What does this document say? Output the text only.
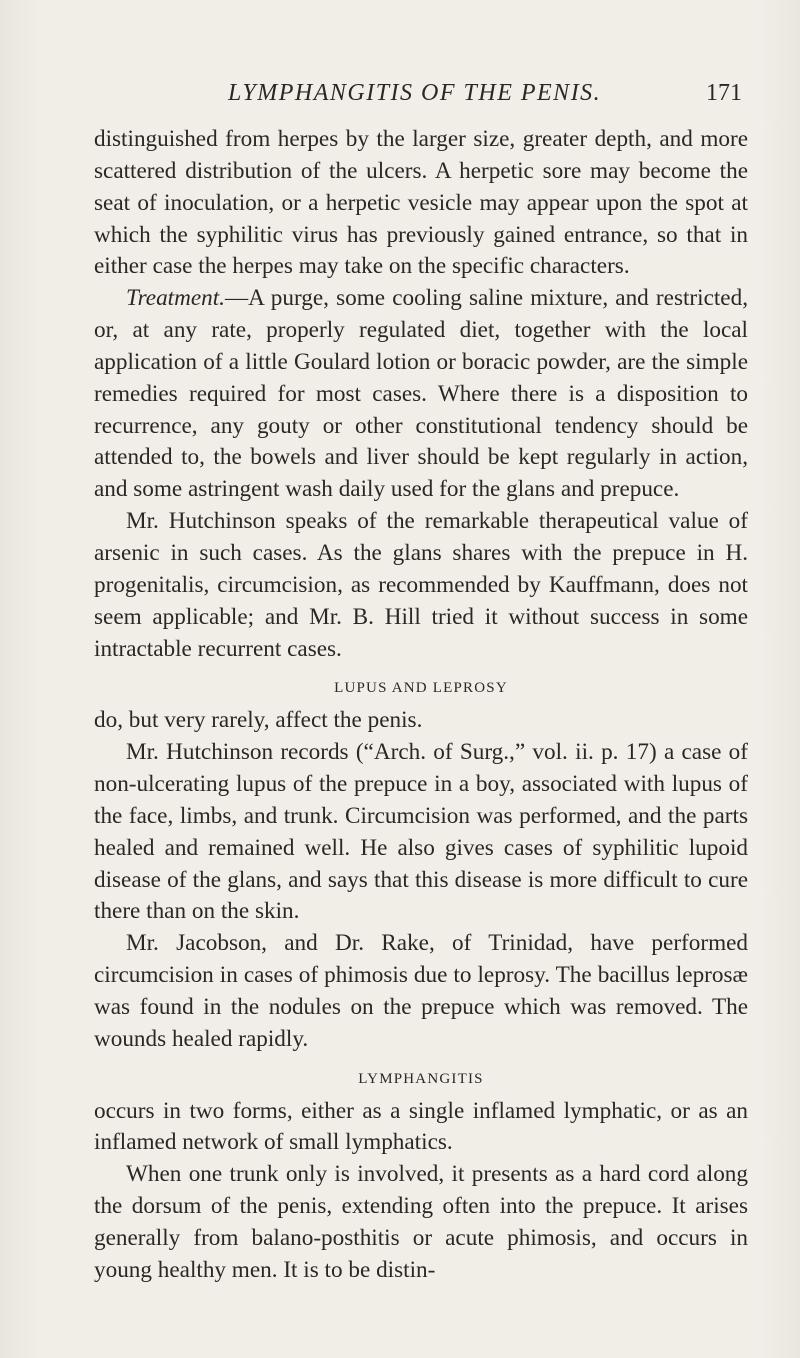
LYMPHANGITIS OF THE PENIS.	171

distinguished from herpes by the larger size, greater depth, and more scattered distribution of the ulcers. A herpetic sore may become the seat of inoculation, or a herpetic vesicle may appear upon the spot at which the syphilitic virus has previously gained entrance, so that in either case the herpes may take on the specific characters.

Treatment.—A purge, some cooling saline mixture, and restricted, or, at any rate, properly regulated diet, together with the local application of a little Goulard lotion or boracic powder, are the simple remedies required for most cases. Where there is a disposition to recurrence, any gouty or other constitutional tendency should be attended to, the bowels and liver should be kept regularly in action, and some astringent wash daily used for the glans and prepuce.

Mr. Hutchinson speaks of the remarkable therapeutical value of arsenic in such cases. As the glans shares with the prepuce in H. progenitalis, circumcision, as recommended by Kauffmann, does not seem applicable; and Mr. B. Hill tried it without success in some intractable recurrent cases.

LUPUS AND LEPROSY

do, but very rarely, affect the penis.

Mr. Hutchinson records (“Arch. of Surg.,” vol. ii. p. 17) a case of non-ulcerating lupus of the prepuce in a boy, associated with lupus of the face, limbs, and trunk. Circumcision was performed, and the parts healed and remained well. He also gives cases of syphilitic lupoid disease of the glans, and says that this disease is more difficult to cure there than on the skin.

Mr. Jacobson, and Dr. Rake, of Trinidad, have performed circumcision in cases of phimosis due to leprosy. The bacillus leprosæ was found in the nodules on the prepuce which was removed. The wounds healed rapidly.

LYMPHANGITIS

occurs in two forms, either as a single inflamed lymphatic, or as an inflamed network of small lymphatics.

When one trunk only is involved, it presents as a hard cord along the dorsum of the penis, extending often into the prepuce. It arises generally from balano-posthitis or acute phimosis, and occurs in young healthy men. It is to be distin-
